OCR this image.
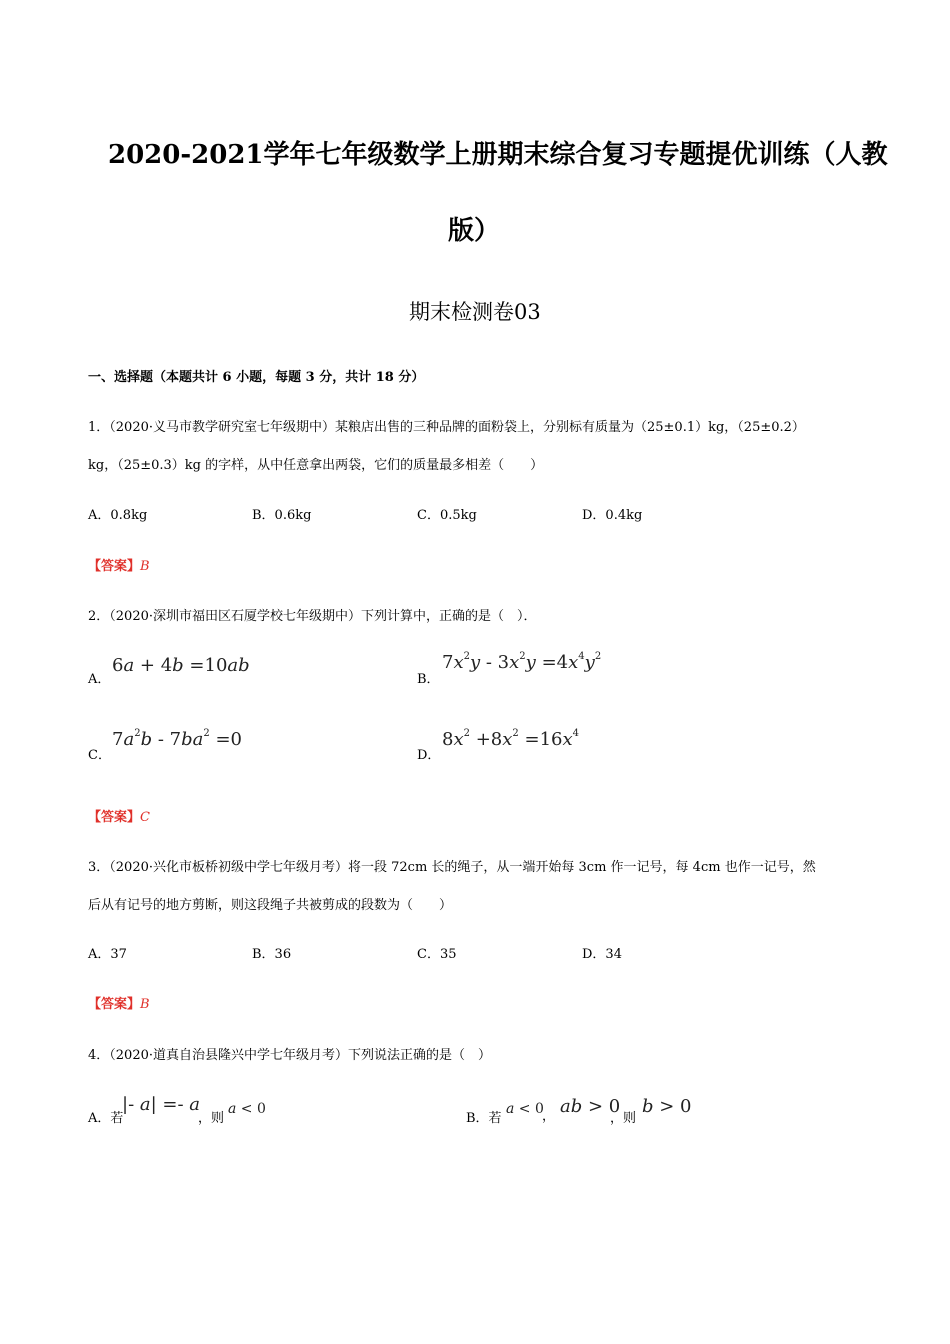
2020-2021学年七年级数学上册期末综合复习专题提优训练（人教
版）
期末检测卷03
一、选择题（本题共计 6 小题，每题 3 分，共计 18 分）
1．（2020·义马市教学研究室七年级期中）某粮店出售的三种品牌的面粉袋上，分别标有质量为（25±0.1）kg，（25±0.2）
kg，（25±0.3）kg 的字样，从中任意拿出两袋，它们的质量最多相差（　　）
A．0.8kg	B．0.6kg	C．0.5kg	D．0.4kg
【答案】B
2．（2020·深圳市福田区石厦学校七年级期中）下列计算中，正确的是（　）．
A．
6a + 4b =10ab
B．
$7x^2y - 3x^2y =4x^4y^2$
C．
$7a^2b - 7ba^2 =0$
D．
$8x^2 +8x^2 =16x^4$
【答案】C
3．（2020·兴化市板桥初级中学七年级月考）将一段 72cm 长的绳子，从一端开始每 3cm 作一记号，每 4cm 也作一记号，然
后从有记号的地方剪断，则这段绳子共被剪成的段数为（　　）
A．37	B．36	C．35	D．34
【答案】B
4．（2020·道真自治县隆兴中学七年级月考）下列说法正确的是（　）
A．若
|- a| =- a
，则
a < 0
B．若
a < 0
， ab > 0
，则
b > 0
